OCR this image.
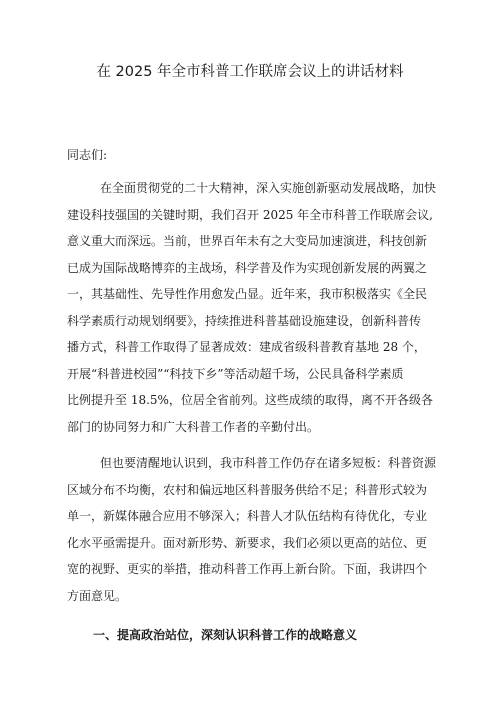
在 2025 年全市科普工作联席会议上的讲话材料
同志们:
在全面贯彻党的二十大精神，深入实施创新驱动发展战略，加快
建设科技强国的关键时期，我们召开 2025 年全市科普工作联席会议,
意义重大而深远。当前，世界百年未有之大变局加速演进，科技创新
已成为国际战略博弈的主战场，科学普及作为实现创新发展的两翼之
一，其基础性、先导性作用愈发凸显。近年来，我市积极落实《全民
科学素质行动规划纲要》，持续推进科普基础设施建设，创新科普传
播方式，科普工作取得了显著成效：建成省级科普教育基地 28 个，
开展“科普进校园”“科技下乡”等活动超千场，公民具备科学素质
比例提升至 18.5%，位居全省前列。这些成绩的取得，离不开各级各
部门的协同努力和广大科普工作者的辛勤付出。
但也要清醒地认识到，我市科普工作仍存在诸多短板：科普资源
区域分布不均衡，农村和偏远地区科普服务供给不足；科普形式较为
单一，新媒体融合应用不够深入；科普人才队伍结构有待优化，专业
化水平亟需提升。面对新形势、新要求，我们必须以更高的站位、更
宽的视野、更实的举措，推动科普工作再上新台阶。下面，我讲四个
方面意见。
一、提高政治站位，深刻认识科普工作的战略意义
